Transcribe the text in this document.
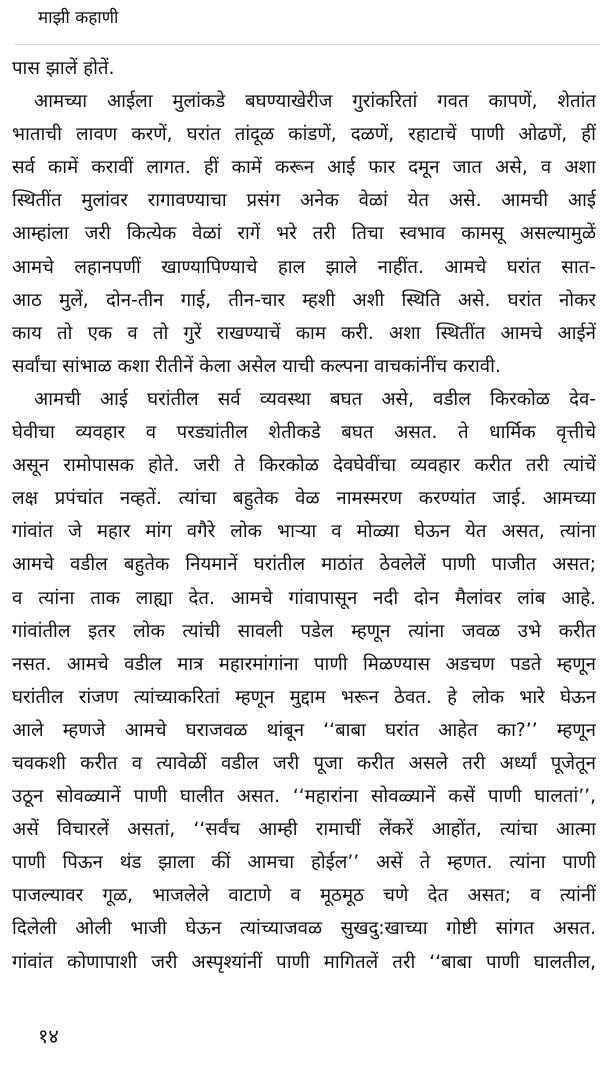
माझी कहाणी
पास झालें होतें.
आमच्या आईला मुलांकडे बघण्याखेरीज गुरांकरितां गवत कापणें, शेतांत
भाताची लावण करणें, घरांत तांदूळ कांडणें, दळणें, रहाटाचें पाणी ओढणें, हीं
सर्व कामें करावीं लागत. हीं कामें करून आई फार दमून जात असे, व अशा
स्थितींत मुलांवर रागावण्याचा प्रसंग अनेक वेळां येत असे. आमची आई
आम्हांला जरी कित्येक वेळां रागें भरे तरी तिचा स्वभाव कामसू असल्यामुळें
आमचे लहानपणीं खाण्यापिण्याचे हाल झाले नाहींत. आमचे घरांत सात-
आठ मुलें, दोन-तीन गाई, तीन-चार म्हशी अशी स्थिति असे. घरांत नोकर
काय तो एक व तो गुरें राखण्याचें काम करी. अशा स्थितींत आमचे आईनें
सर्वांचा सांभाळ कशा रीतीनें केला असेल याची कल्पना वाचकांनींच करावी.
आमची आई घरांतील सर्व व्यवस्था बघत असे, वडील किरकोळ देव-
घेवीचा व्यवहार व परड्यांतील शेतीकडे बघत असत. ते धार्मिक वृत्तीचे
असून रामोपासक होते. जरी ते किरकोळ देवघेवींचा व्यवहार करीत तरी त्यांचें
लक्ष प्रपंचांत नव्हतें. त्यांचा बहुतेक वेळ नामस्मरण करण्यांत जाई. आमच्या
गांवांत जे महार मांग वगैरे लोक भाऱ्या व मोळ्या घेऊन येत असत, त्यांना
आमचे वडील बहुतेक नियमानें घरांतील माठांत ठेवलेलें पाणी पाजीत असत;
व त्यांना ताक लाह्या देत. आमचे गांवापासून नदी दोन मैलांवर लांब आहे.
गांवांतील इतर लोक त्यांची सावली पडेल म्हणून त्यांना जवळ उभे करीत
नसत. आमचे वडील मात्र महारमांगांना पाणी मिळण्यास अडचण पडते म्हणून
घरांतील रांजण त्यांच्याकरितां म्हणून मुद्दाम भरून ठेवत. हे लोक भारे घेऊन
आले म्हणजे आमचे घराजवळ थांबून ‘‘बाबा घरांत आहेत का?’’ म्हणून
चवकशी करीत व त्यावेळीं वडील जरी पूजा करीत असले तरी अर्ध्यां पूजेतून
उठून सोवळ्यानें पाणी घालीत असत. ‘‘महारांना सोवळ्यानें कसें पाणी घालतां’’,
असें विचारलें असतां, ‘‘सर्वंच आम्ही रामाचीं लेंकरें आहोंत, त्यांचा आत्मा
पाणी पिऊन थंड झाला कीं आमचा होईल’’ असें ते म्हणत. त्यांना पाणी
पाजल्यावर गूळ, भाजलेले वाटाणे व मूठमूठ चणे देत असत; व त्यांनीं
दिलेली ओली भाजी घेऊन त्यांच्याजवळ सुखदु:खाच्या गोष्टी सांगत असत.
गांवांत कोणापाशी जरी अस्पृश्यांनीं पाणी मागितलें तरी ‘‘बाबा पाणी घालतील,
१४
